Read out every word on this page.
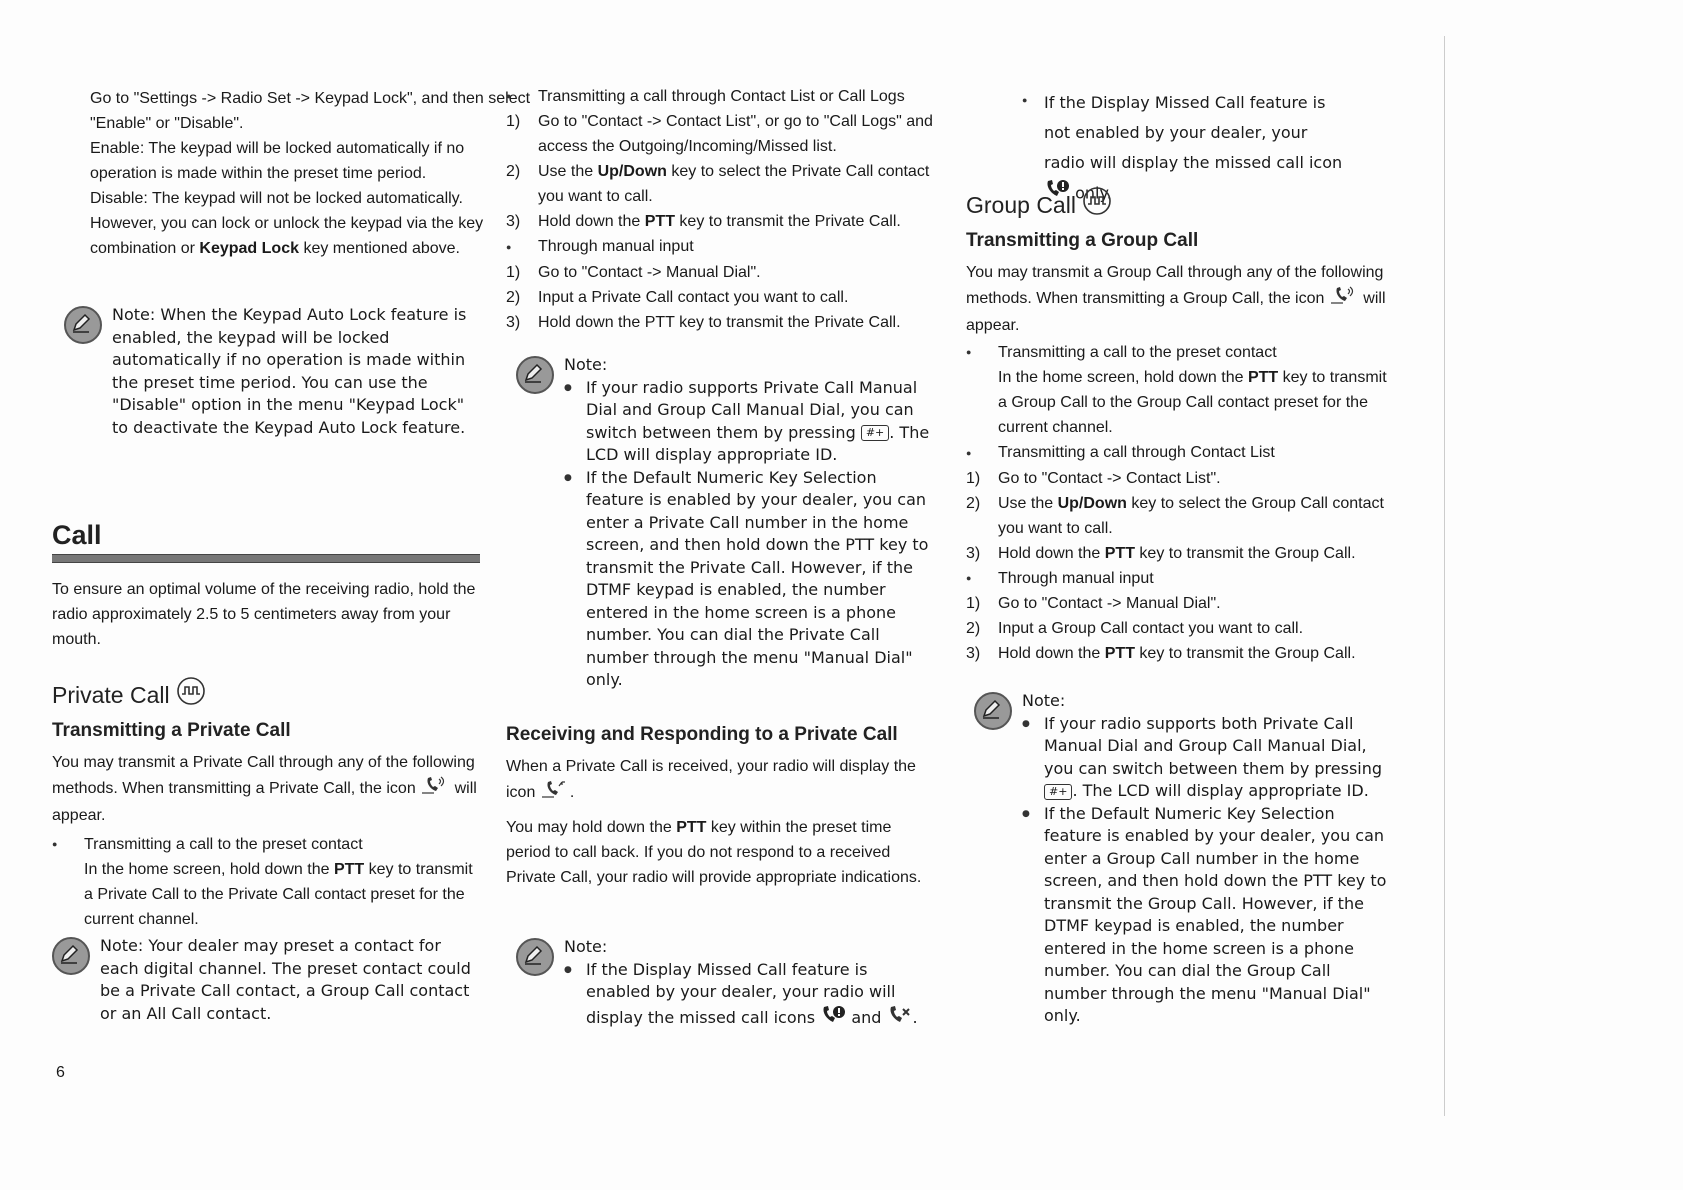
Go to "Settings -> Radio Set -> Keypad Lock", and then select "Enable" or "Disable".

Enable: The keypad will be locked automatically if no operation is made within the preset time period.

Disable: The keypad will not be locked automatically. However, you can lock or unlock the keypad via the key combination or Keypad Lock key mentioned above.

Note: When the Keypad Auto Lock feature is enabled, the keypad will be locked automatically if no operation is made within the preset time period. You can use the "Disable" option in the menu "Keypad Lock" to deactivate the Keypad Auto Lock feature.

Call

To ensure an optimal volume of the receiving radio, hold the radio approximately 2.5 to 5 centimeters away from your mouth.

Private Call
Transmitting a Private Call

You may transmit a Private Call through any of the following methods. When transmitting a Private Call, the icon will appear.

●
Transmitting a call to the preset contact

In the home screen, hold down the PTT key to transmit a Private Call to the Private Call contact preset for the current channel.

Note: Your dealer may preset a contact for each digital channel. The preset contact could be a Private Call contact, a Group Call contact or an All Call contact.

6
●
Transmitting a call through Contact List or Call Logs
1)	Go to "Contact -> Contact List", or go to "Call Logs" and access the Outgoing/Incoming/Missed list.
2)	Use the Up/Down key to select the Private Call contact you want to call.
3)	Hold down the PTT key to transmit the Private Call.
●
Through manual input
1)	Go to "Contact -> Manual Dial".
2)	Input a Private Call contact you want to call.
3)	Hold down the PTT key to transmit the Private Call.
Note:
●
If your radio supports Private Call Manual Dial and Group Call Manual Dial, you can switch between them by pressing #+ . The LCD will display appropriate ID.
●
If the Default Numeric Key Selection feature is enabled by your dealer, you can enter a Private Call number in the home screen, and then hold down the PTT key to transmit the Private Call. However, if the DTMF keypad is enabled, the number entered in the home screen is a phone number. You can dial the Private Call number through the menu "Manual Dial" only.
Receiving and Responding to a Private Call

When a Private Call is received, your radio will display the icon .

You may hold down the PTT key within the preset time period to call back. If you do not respond to a received Private Call, your radio will provide appropriate indications.

Note:
●
If the Display Missed Call feature is enabled by your dealer, your radio will display the missed call icons and .
●
If the Display Missed Call feature is not enabled by your dealer, your radio will display the missed call icon  only.
Group Call
Transmitting a Group Call

You may transmit a Group Call through any of the following methods. When transmitting a Group Call, the icon will appear.

●
Transmitting a call to the preset contact

In the home screen, hold down the PTT key to transmit a Group Call to the Group Call contact preset for the current channel.

●
Transmitting a call through Contact List
1)	Go to "Contact -> Contact List".
2)	Use the Up/Down key to select the Group Call contact you want to call.
3)	Hold down the PTT key to transmit the Group Call.
●
Through manual input
1)	Go to "Contact -> Manual Dial".
2)	Input a Group Call contact you want to call.
3)	Hold down the PTT key to transmit the Group Call.
Note:
●
If your radio supports both Private Call Manual Dial and Group Call Manual Dial, you can switch between them by pressing #+ . The LCD will display appropriate ID.
●
If the Default Numeric Key Selection feature is enabled by your dealer, you can enter a Group Call number in the home screen, and then hold down the PTT key to transmit the Group Call. However, if the DTMF keypad is enabled, the number entered in the home screen is a phone number. You can dial the Group Call number through the menu "Manual Dial" only.
